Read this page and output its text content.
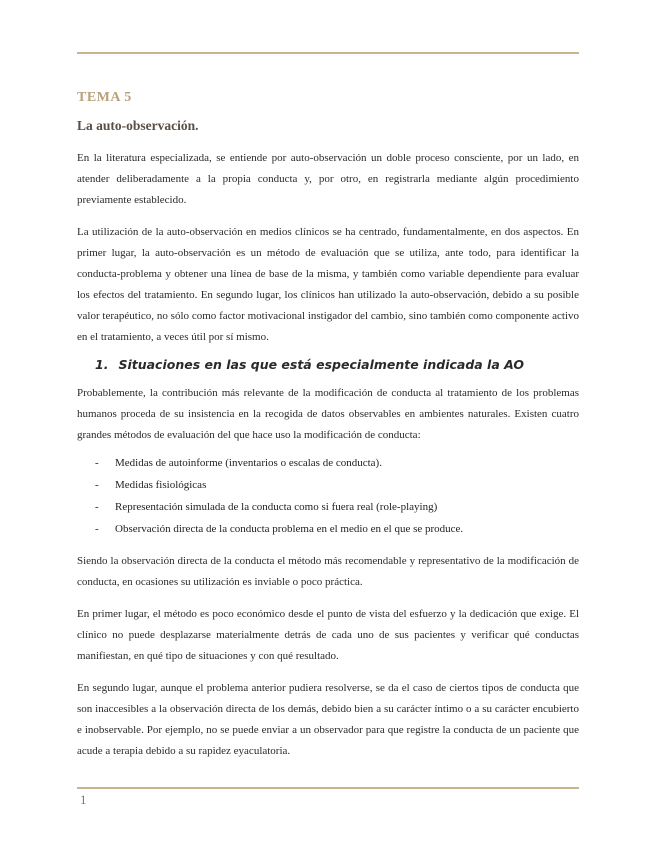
TEMA 5
La auto-observación.

En la literatura especializada, se entiende por auto-observación un doble proceso consciente, por un lado, en atender deliberadamente a la propia conducta y, por otro, en registrarla mediante algún procedimiento previamente establecido.

La utilización de la auto-observación en medios clínicos se ha centrado, fundamentalmente, en dos aspectos. En primer lugar, la auto-observación es un método de evaluación que se utiliza, ante todo, para identificar la conducta-problema y obtener una línea de base de la misma, y también como variable dependiente para evaluar los efectos del tratamiento. En segundo lugar, los clínicos han utilizado la auto-observación, debido a su posible valor terapéutico, no sólo como factor motivacional instigador del cambio, sino también como componente activo en el tratamiento, a veces útil por sí mismo.

1. Situaciones en las que está especialmente indicada la AO

Probablemente, la contribución más relevante de la modificación de conducta al tratamiento de los problemas humanos proceda de su insistencia en la recogida de datos observables en ambientes naturales. Existen cuatro grandes métodos de evaluación del que hace uso la modificación de conducta:

-	Medidas de autoinforme (inventarios o escalas de conducta).
-	Medidas fisiológicas
-	Representación simulada de la conducta como si fuera real (role-playing)
-	Observación directa de la conducta problema en el medio en el que se produce.

Siendo la observación directa de la conducta el método más recomendable y representativo de la modificación de conducta, en ocasiones su utilización es inviable o poco práctica.

En primer lugar, el método es poco económico desde el punto de vista del esfuerzo y la dedicación que exige. El clínico no puede desplazarse materialmente detrás de cada uno de sus pacientes y verificar qué conductas manifiestan, en qué tipo de situaciones y con qué resultado.

En segundo lugar, aunque el problema anterior pudiera resolverse, se da el caso de ciertos tipos de conducta que son inaccesibles a la observación directa de los demás, debido bien a su carácter íntimo o a su carácter encubierto e inobservable. Por ejemplo, no se puede enviar a un observador para que registre la conducta de un paciente que acude a terapia debido a su rapidez eyaculatoria.

1
